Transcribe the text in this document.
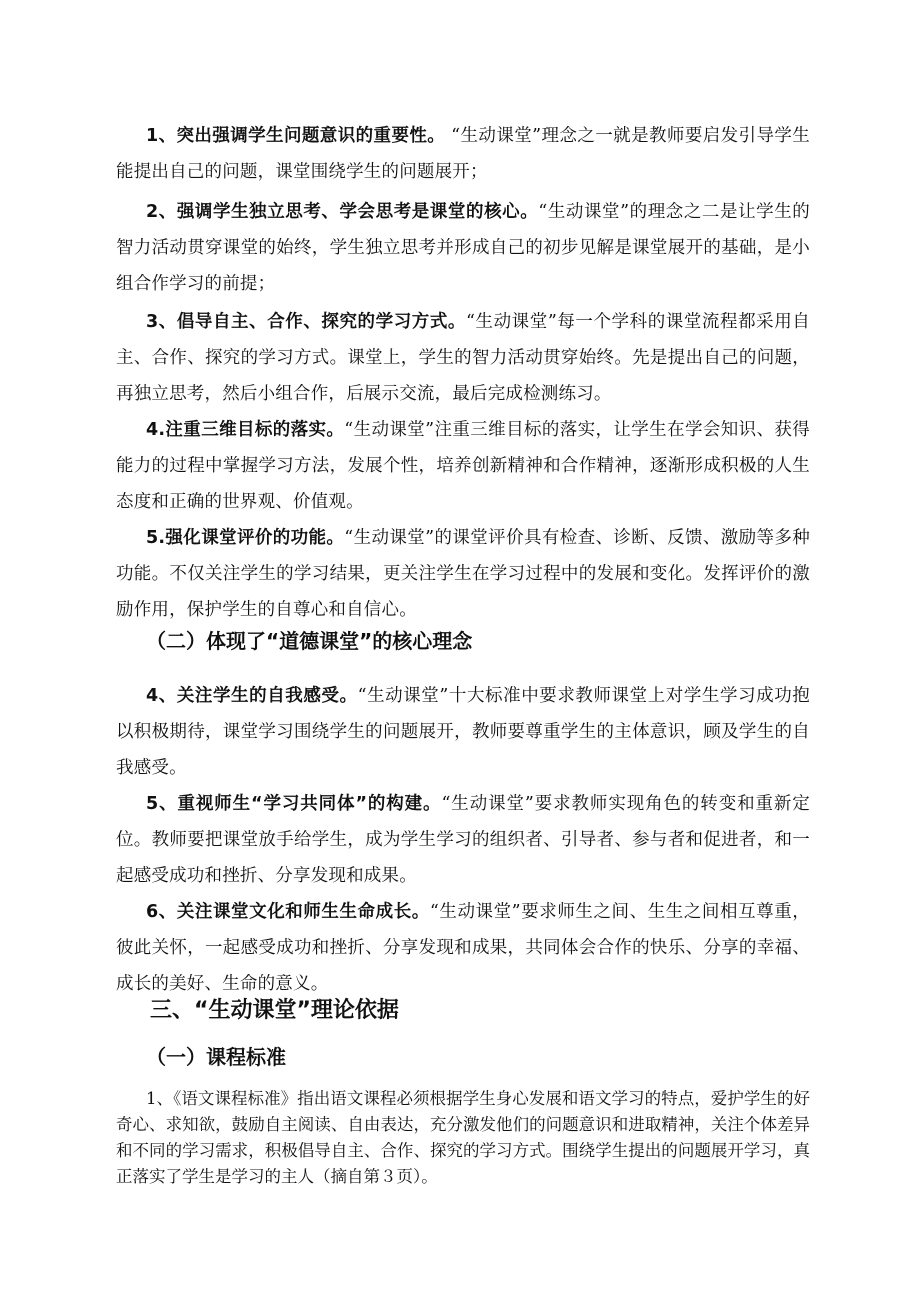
1、突出强调学生问题意识的重要性。 “生动课堂”理念之一就是教师要启发引导学生能提出自己的问题，课堂围绕学生的问题展开；
2、强调学生独立思考、学会思考是课堂的核心。“生动课堂”的理念之二是让学生的智力活动贯穿课堂的始终，学生独立思考并形成自己的初步见解是课堂展开的基础，是小组合作学习的前提；
3、倡导自主、合作、探究的学习方式。“生动课堂”每一个学科的课堂流程都采用自主、合作、探究的学习方式。课堂上，学生的智力活动贯穿始终。先是提出自己的问题，再独立思考，然后小组合作，后展示交流，最后完成检测练习。
4.注重三维目标的落实。“生动课堂”注重三维目标的落实，让学生在学会知识、获得能力的过程中掌握学习方法，发展个性，培养创新精神和合作精神，逐渐形成积极的人生态度和正确的世界观、价值观。
5.强化课堂评价的功能。“生动课堂”的课堂评价具有检查、诊断、反馈、激励等多种功能。不仅关注学生的学习结果，更关注学生在学习过程中的发展和变化。发挥评价的激励作用，保护学生的自尊心和自信心。
（二）体现了“道德课堂”的核心理念
4、关注学生的自我感受。“生动课堂”十大标准中要求教师课堂上对学生学习成功抱以积极期待，课堂学习围绕学生的问题展开，教师要尊重学生的主体意识，顾及学生的自我感受。
5、重视师生“学习共同体”的构建。“生动课堂”要求教师实现角色的转变和重新定位。教师要把课堂放手给学生，成为学生学习的组织者、引导者、参与者和促进者，和一起感受成功和挫折、分享发现和成果。
6、关注课堂文化和师生生命成长。“生动课堂”要求师生之间、生生之间相互尊重，彼此关怀，一起感受成功和挫折、分享发现和成果，共同体会合作的快乐、分享的幸福、成长的美好、生命的意义。
三、“生动课堂”理论依据
（一）课程标准
1、《语文课程标准》指出语文课程必须根据学生身心发展和语文学习的特点，爱护学生的好奇心、求知欲，鼓励自主阅读、自由表达，充分激发他们的问题意识和进取精神，关注个体差异和不同的学习需求，积极倡导自主、合作、探究的学习方式。围绕学生提出的问题展开学习，真正落实了学生是学习的主人（摘自第３页）。
